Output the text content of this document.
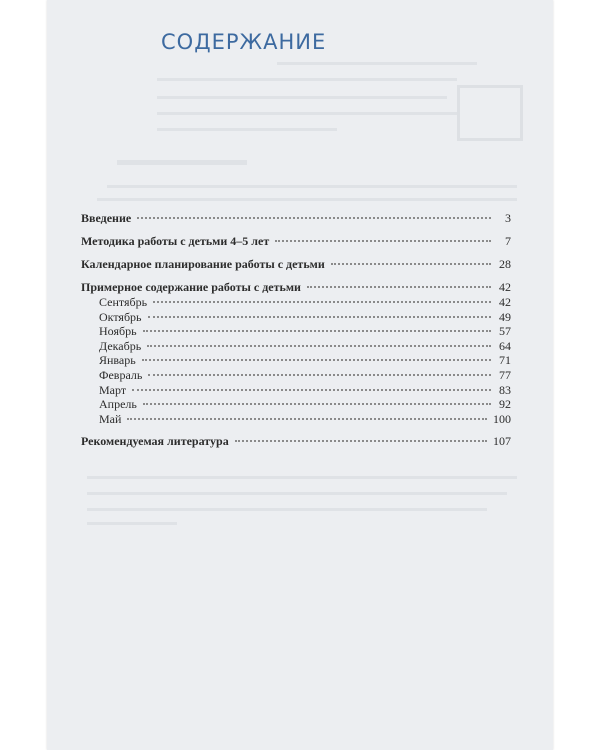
СОДЕРЖАНИЕ
Введение	3
Методика работы с детьми 4–5 лет	7
Календарное планирование работы с детьми	28
Примерное содержание работы с детьми	42
Сентябрь	42
Октябрь	49
Ноябрь	57
Декабрь	64
Январь	71
Февраль	77
Март	83
Апрель	92
Май	100
Рекомендуемая литература	107
